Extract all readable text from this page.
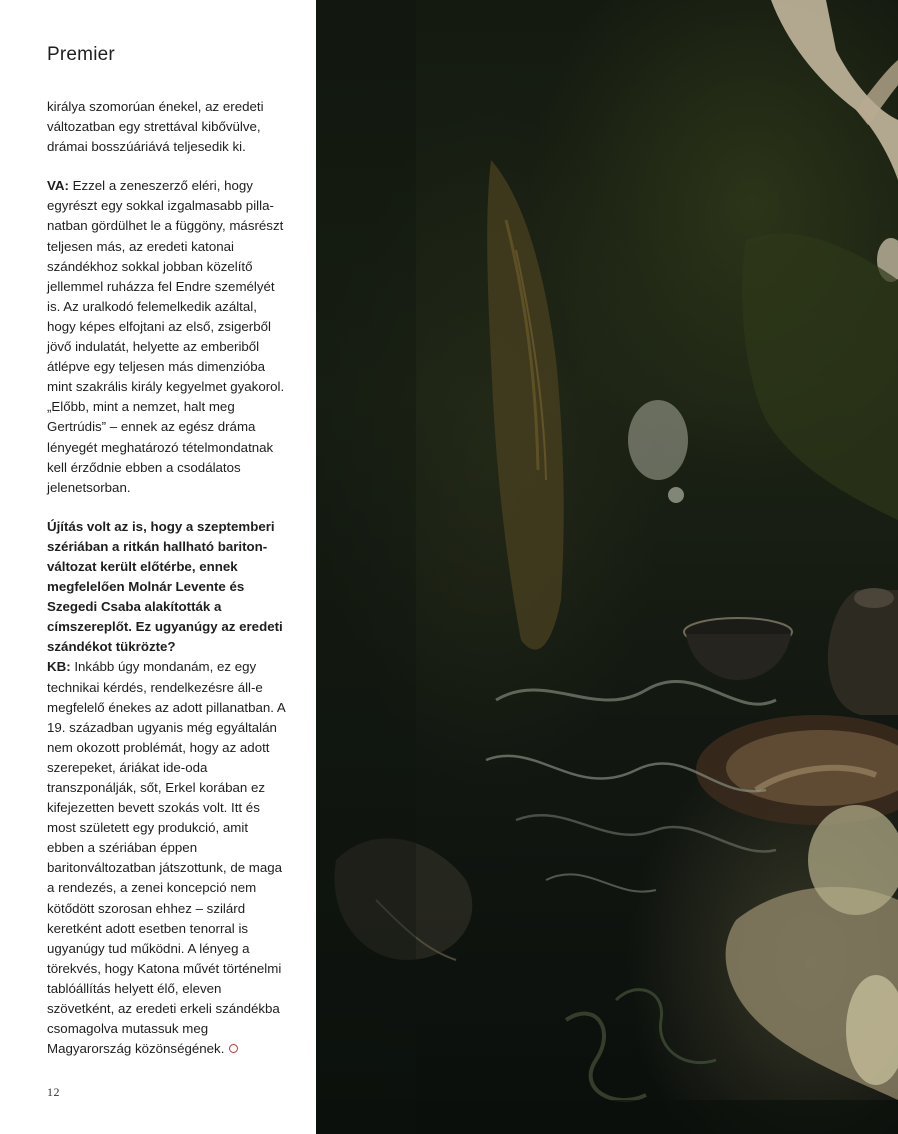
Premier

királya szomorúan énekel, az eredeti változatban egy strettával kibővülve, drámai bosszúáriává teljesedik ki.

VA: Ezzel a zeneszerző eléri, hogy egyrészt egy sokkal izgalmasabb pillanatban gördülhet le a függöny, másrészt teljesen más, az eredeti katonai szándékhoz sokkal jobban közelítő jellemmel ruházza fel Endre személyét is. Az uralkodó felemelkedik azáltal, hogy képes elfojtani az első, zsigerből jövő indulatát, helyette az emberiből átlépve egy teljesen más dimenzióba mint szakrális király kegyelmet gyakorol. „Előbb, mint a nemzet, halt meg Gertrúdis” – ennek az egész dráma lényegét meghatározó tételmondatnak kell érződnie ebben a csodálatos jelenetsorban.

Újítás volt az is, hogy a szeptemberi szériában a ritkán hallható baritonváltozat került előtérbe, ennek megfelelően Molnár Levente és Szegedi Csaba alakították a címszereplőt. Ez ugyanúgy az eredeti szándékot tükrözte?

KB: Inkább úgy mondanám, ez egy technikai kérdés, rendelkezésre áll-e megfelelő énekes az adott pillanatban. A 19. században ugyanis még egyáltalán nem okozott problémát, hogy az adott szerepeket, áriákat ide-oda transzponálják, sőt, Erkel korában ez kifejezetten bevett szokás volt. Itt és most született egy produkció, amit ebben a szériában éppen baritonváltozatban játszottunk, de maga a rendezés, a zenei koncepció nem kötődött szorosan ehhez – szilárd keretként adott esetben tenorral is ugyanúgy tud működni. A lényeg a törekvés, hogy Katona művét történelmi tablóállítás helyett élő, eleven szövetként, az eredeti erkeli szándékba csomagolva mutassuk meg Magyarország közönségének.

12
